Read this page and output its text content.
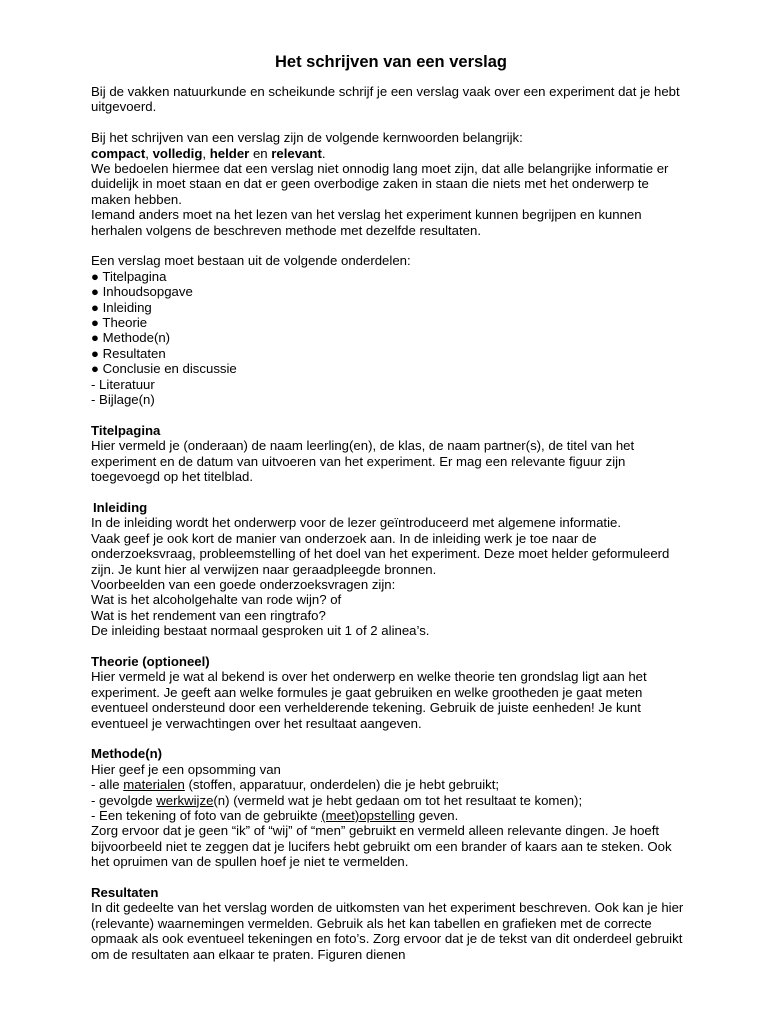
Het schrijven van een verslag

Bij de vakken natuurkunde en scheikunde schrijf je een verslag vaak over een experiment dat je hebt uitgevoerd.

Bij het schrijven van een verslag zijn de volgende kernwoorden belangrijk:

compact, volledig, helder en relevant.

We bedoelen hiermee dat een verslag niet onnodig lang moet zijn, dat alle belangrijke informatie er duidelijk in moet staan en dat er geen overbodige zaken in staan die niets met het onderwerp te maken hebben.

Iemand anders moet na het lezen van het verslag het experiment kunnen begrijpen en kunnen herhalen volgens de beschreven methode met dezelfde resultaten.

Een verslag moet bestaan uit de volgende onderdelen:

● Titelpagina

● Inhoudsopgave

● Inleiding

● Theorie

● Methode(n)

● Resultaten

● Conclusie en discussie

- Literatuur

- Bijlage(n)

Titelpagina

Hier vermeld je (onderaan) de naam leerling(en), de klas, de naam partner(s), de titel van het experiment en de datum van uitvoeren van het experiment. Er mag een relevante figuur zijn toegevoegd op het titelblad.

Inleiding

In de inleiding wordt het onderwerp voor de lezer geïntroduceerd met algemene informatie.

Vaak geef je ook kort de manier van onderzoek aan. In de inleiding werk je toe naar de onderzoeksvraag, probleemstelling of het doel van het experiment. Deze moet helder geformuleerd zijn. Je kunt hier al verwijzen naar geraadpleegde bronnen.

Voorbeelden van een goede onderzoeksvragen zijn:

Wat is het alcoholgehalte van rode wijn? of

Wat is het rendement van een ringtrafo?

De inleiding bestaat normaal gesproken uit 1 of 2 alinea’s.

Theorie (optioneel)

Hier vermeld je wat al bekend is over het onderwerp en welke theorie ten grondslag ligt aan het experiment. Je geeft aan welke formules je gaat gebruiken en welke grootheden je gaat meten eventueel ondersteund door een verhelderende tekening. Gebruik de juiste eenheden! Je kunt eventueel je verwachtingen over het resultaat aangeven.

Methode(n)

Hier geef je een opsomming van

- alle materialen (stoffen, apparatuur, onderdelen) die je hebt gebruikt;

- gevolgde werkwijze(n) (vermeld wat je hebt gedaan om tot het resultaat te komen);

- Een tekening of foto van de gebruikte (meet)opstelling geven.

Zorg ervoor dat je geen “ik” of “wij” of “men” gebruikt en vermeld alleen relevante dingen. Je hoeft bijvoorbeeld niet te zeggen dat je lucifers hebt gebruikt om een brander of kaars aan te steken. Ook het opruimen van de spullen hoef je niet te vermelden.

Resultaten

In dit gedeelte van het verslag worden de uitkomsten van het experiment beschreven. Ook kan je hier (relevante) waarnemingen vermelden. Gebruik als het kan tabellen en grafieken met de correcte opmaak als ook eventueel tekeningen en foto’s. Zorg ervoor dat je de tekst van dit onderdeel gebruikt om de resultaten aan elkaar te praten. Figuren dienen
